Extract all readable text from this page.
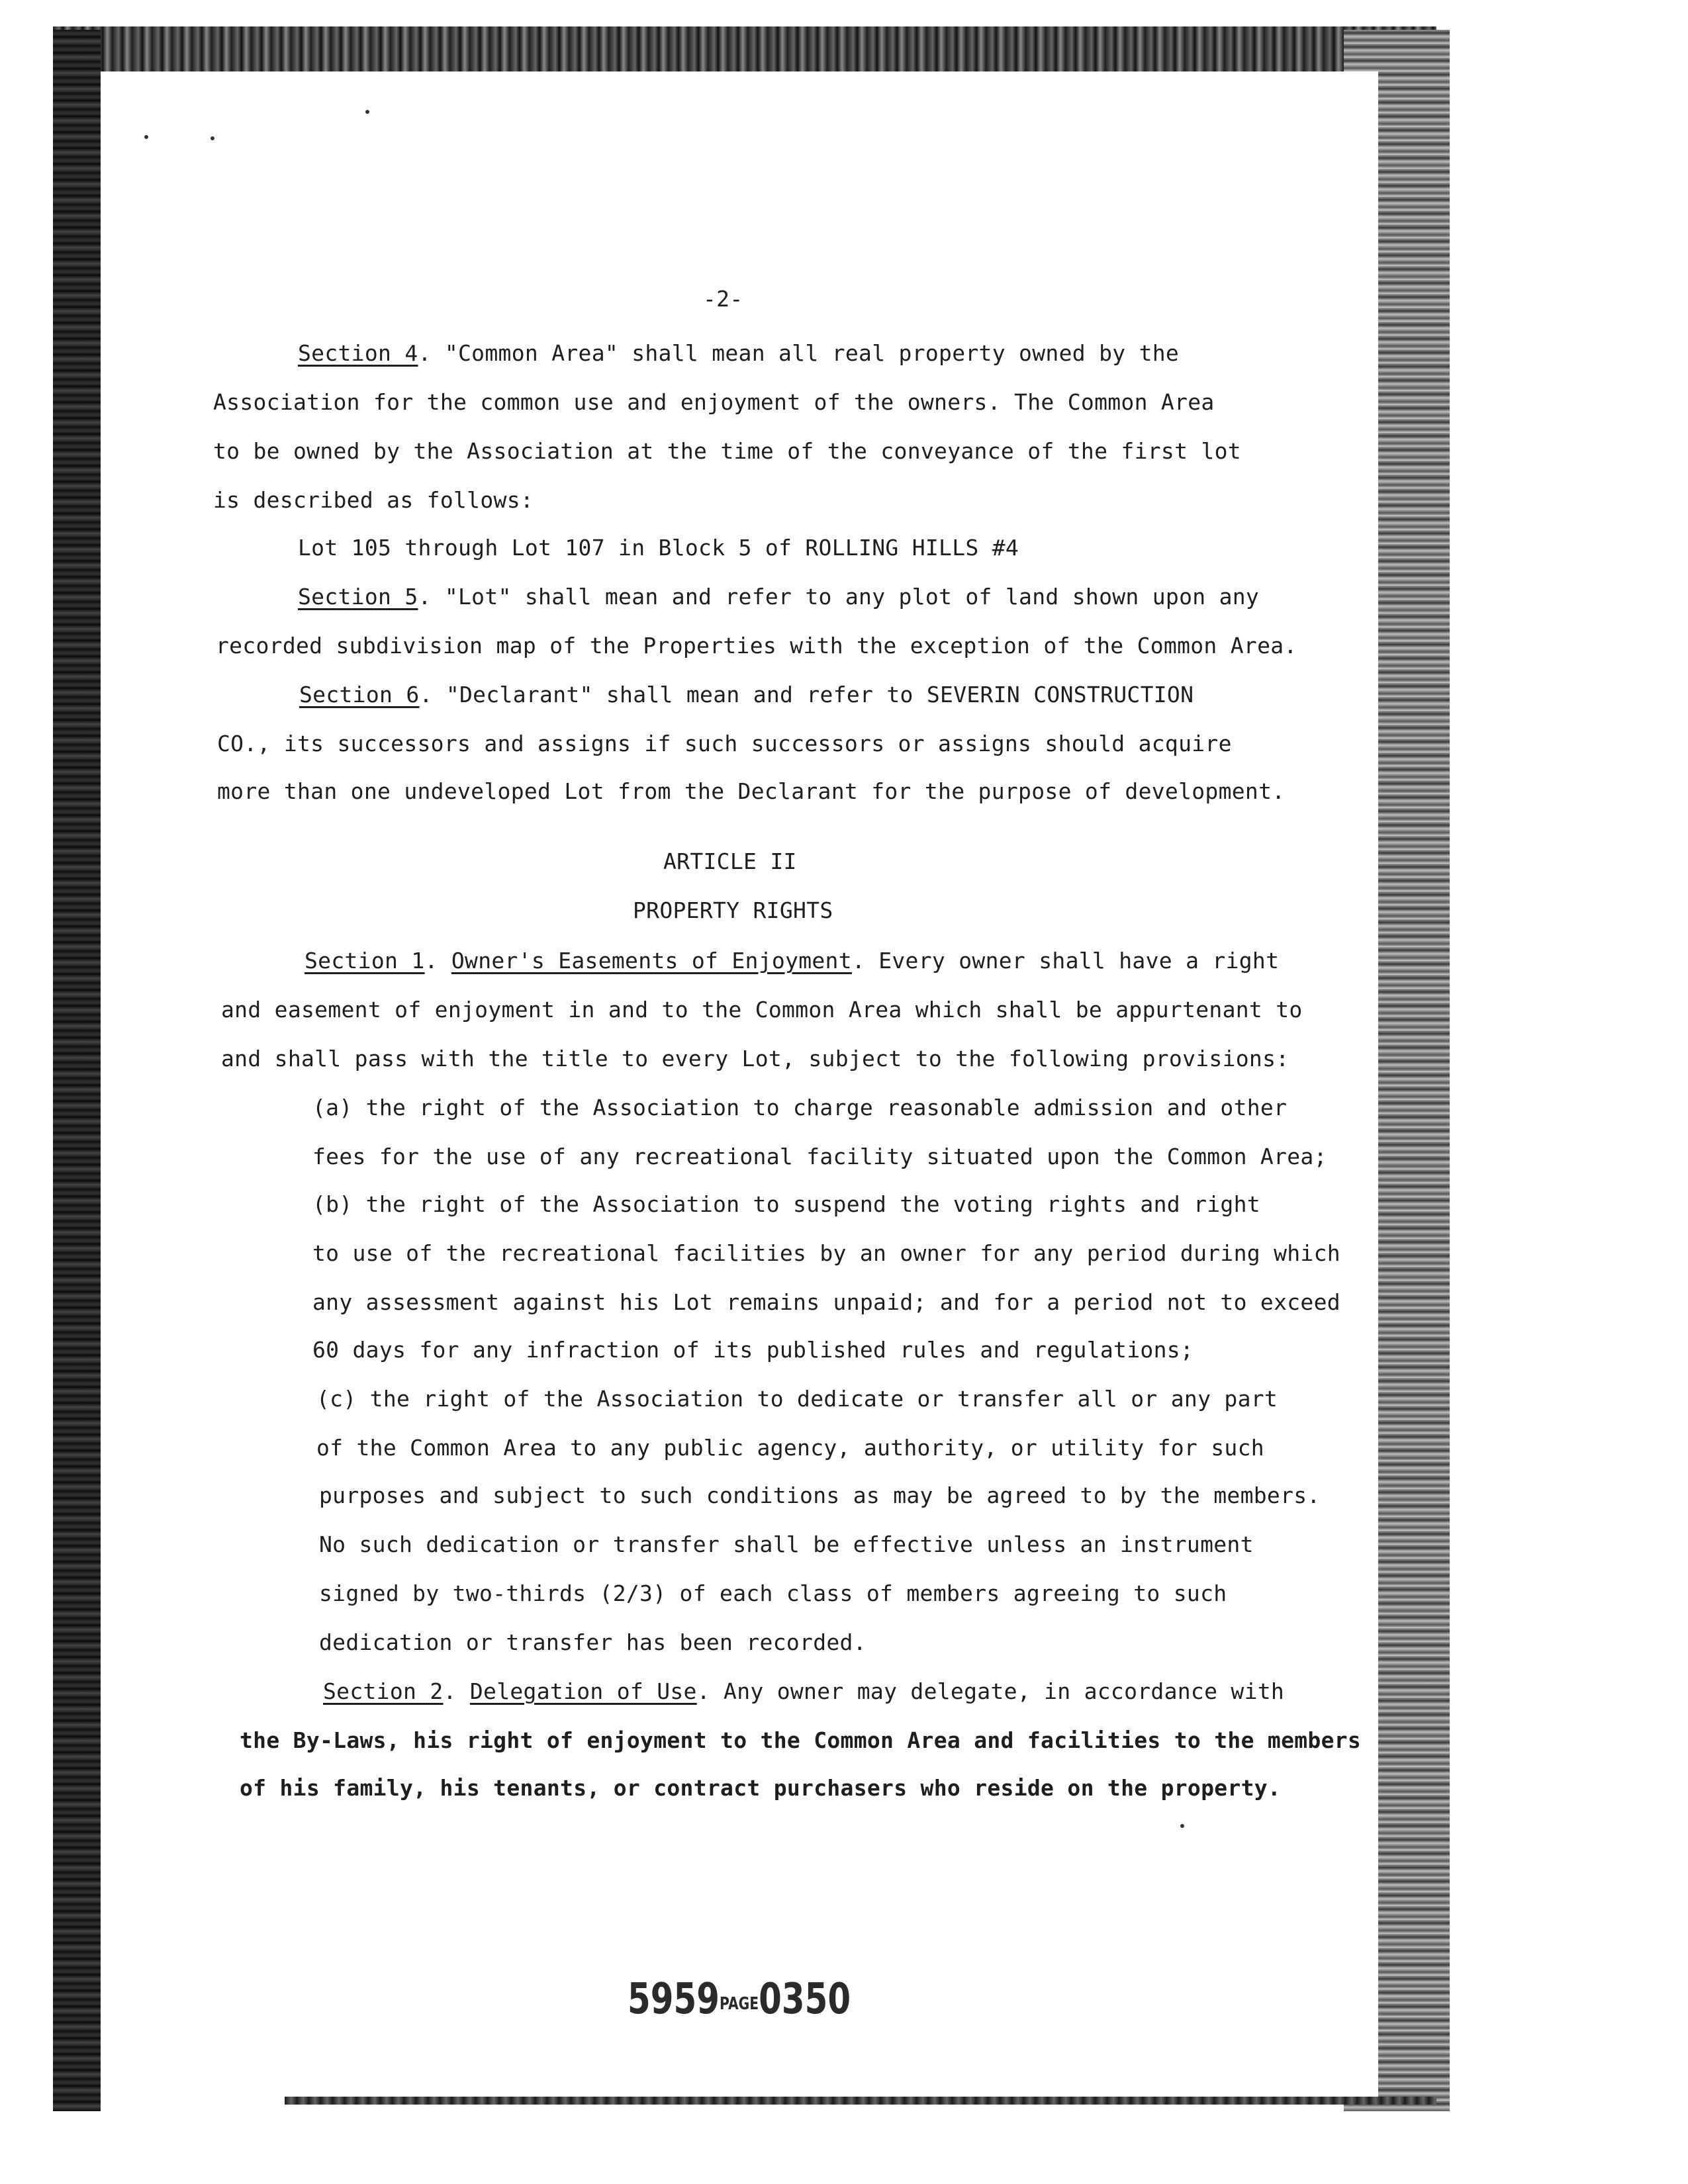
-2-

Section 4. "Common Area" shall mean all real property owned by the

Association for the common use and enjoyment of the owners. The Common Area

to be owned by the Association at the time of the conveyance of the first lot

is described as follows:

Lot 105 through Lot 107 in Block 5 of ROLLING HILLS #4

Section 5. "Lot" shall mean and refer to any plot of land shown upon any

recorded subdivision map of the Properties with the exception of the Common Area.

Section 6. "Declarant" shall mean and refer to SEVERIN CONSTRUCTION

CO., its successors and assigns if such successors or assigns should acquire

more than one undeveloped Lot from the Declarant for the purpose of development.

ARTICLE II

PROPERTY RIGHTS

Section 1. Owner's Easements of Enjoyment. Every owner shall have a right

and easement of enjoyment in and to the Common Area which shall be appurtenant to

and shall pass with the title to every Lot, subject to the following provisions:

(a) the right of the Association to charge reasonable admission and other

fees for the use of any recreational facility situated upon the Common Area;

(b) the right of the Association to suspend the voting rights and right

to use of the recreational facilities by an owner for any period during which

any assessment against his Lot remains unpaid; and for a period not to exceed

60 days for any infraction of its published rules and regulations;

(c) the right of the Association to dedicate or transfer all or any part

of the Common Area to any public agency, authority, or utility for such

purposes and subject to such conditions as may be agreed to by the members.

No such dedication or transfer shall be effective unless an instrument

signed by two-thirds (2/3) of each class of members agreeing to such

dedication or transfer has been recorded.

Section 2. Delegation of Use. Any owner may delegate, in accordance with

the By-Laws, his right of enjoyment to the Common Area and facilities to the members

of his family, his tenants, or contract purchasers who reside on the property.

5959PAGE0350
